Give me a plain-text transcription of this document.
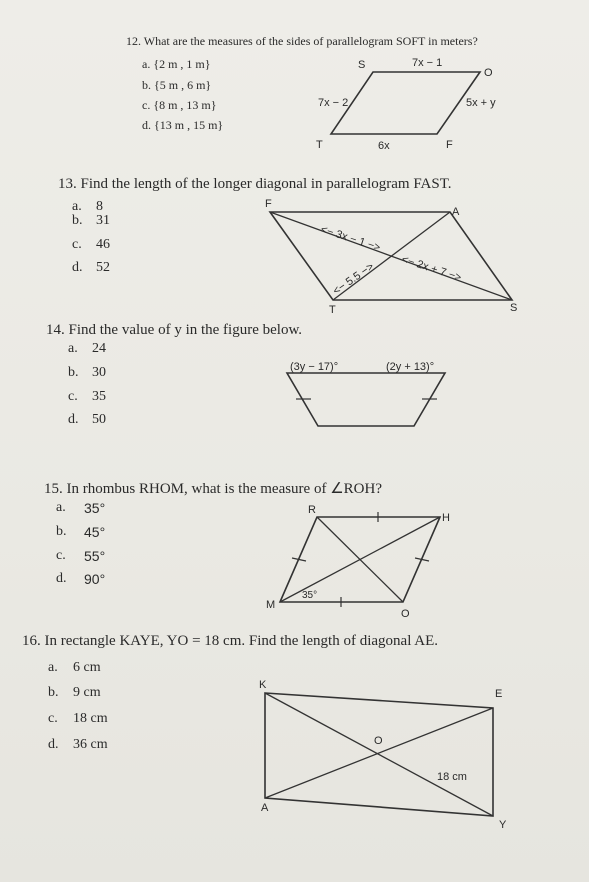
12. What are the measures of the sides of parallelogram SOFT in meters?
a. {2 m , 1 m}
b. {5 m , 6 m}
c. {8 m , 13 m}
d. {13 m , 15 m}
S
O
T	F
7x − 1
7x − 2	5x + y
6x
13. Find the length of the longer diagonal in parallelogram FAST.
a. 8
b. 31
c. 46
d. 52
F
A
S
T
<− 3x − 1 −>
<− 2x + 7 −>
<− 5.5 −>
14. Find the value of y in the figure below.
a. 24
b. 30
c. 35
d. 50
(3y − 17)°	(2y + 13)°
15. In rhombus RHOM, what is the measure of ∠ROH?
a. 35°
b. 45°
c. 55°
d. 90°
R
H
O
M
35°
16. In rectangle KAYE, YO = 18 cm. Find the length of diagonal AE.
a. 6 cm
b. 9 cm
c. 18 cm
d. 36 cm
K
E
O
A
Y
18 cm
